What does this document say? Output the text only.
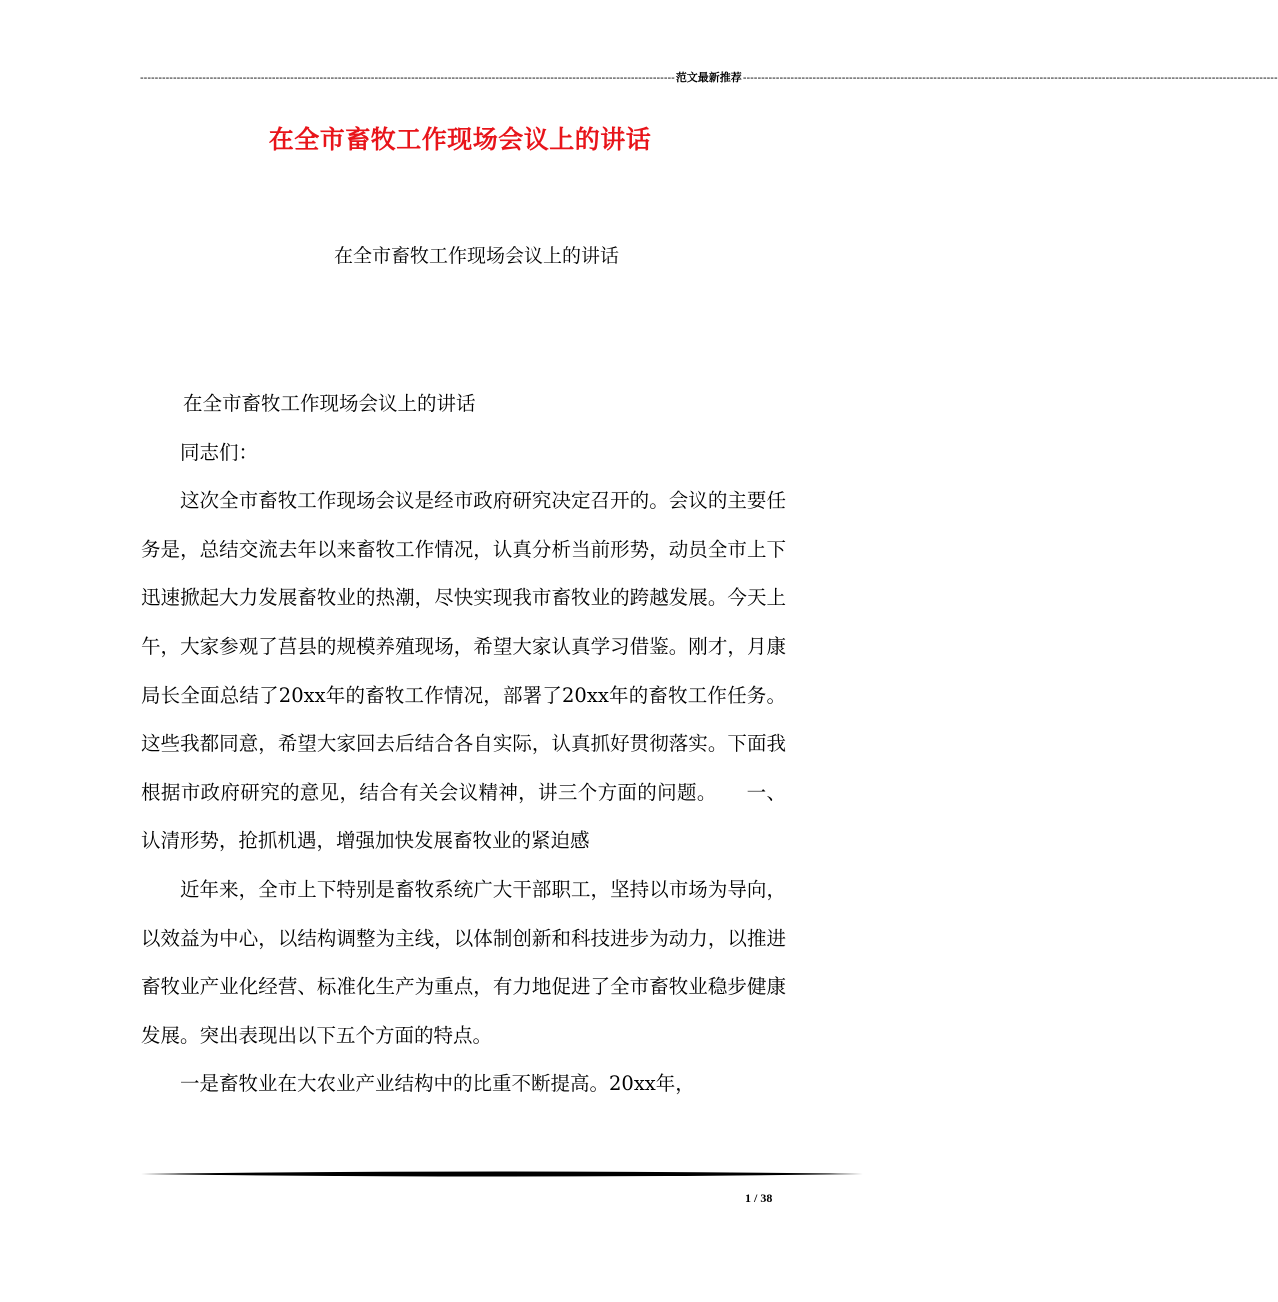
-------------------------------------------------------------------------------------------------------------------------------------------------- 范文最新推荐 --------------------------------------------------------------------------------------------------------------------------------------------------
在全市畜牧工作现场会议上的讲话
在全市畜牧工作现场会议上的讲话

在全市畜牧工作现场会议上的讲话

同志们：

这次全市畜牧工作现场会议是经市政府研究决定召开的。会议的主要任务是，总结交流去年以来畜牧工作情况，认真分析当前形势，动员全市上下迅速掀起大力发展畜牧业的热潮，尽快实现我市畜牧业的跨越发展。今天上午，大家参观了莒县的规模养殖现场，希望大家认真学习借鉴。刚才，月康局长全面总结了20xx年的畜牧工作情况，部署了20xx年的畜牧工作任务。这些我都同意，希望大家回去后结合各自实际，认真抓好贯彻落实。下面我根据市政府研究的意见，结合有关会议精神，讲三个方面的问题。　　一、认清形势，抢抓机遇，增强加快发展畜牧业的紧迫感

近年来，全市上下特别是畜牧系统广大干部职工，坚持以市场为导向，以效益为中心，以结构调整为主线，以体制创新和科技进步为动力，以推进畜牧业产业化经营、标准化生产为重点，有力地促进了全市畜牧业稳步健康发展。突出表现出以下五个方面的特点。

一是畜牧业在大农业产业结构中的比重不断提高。20xx年，

1 / 38
